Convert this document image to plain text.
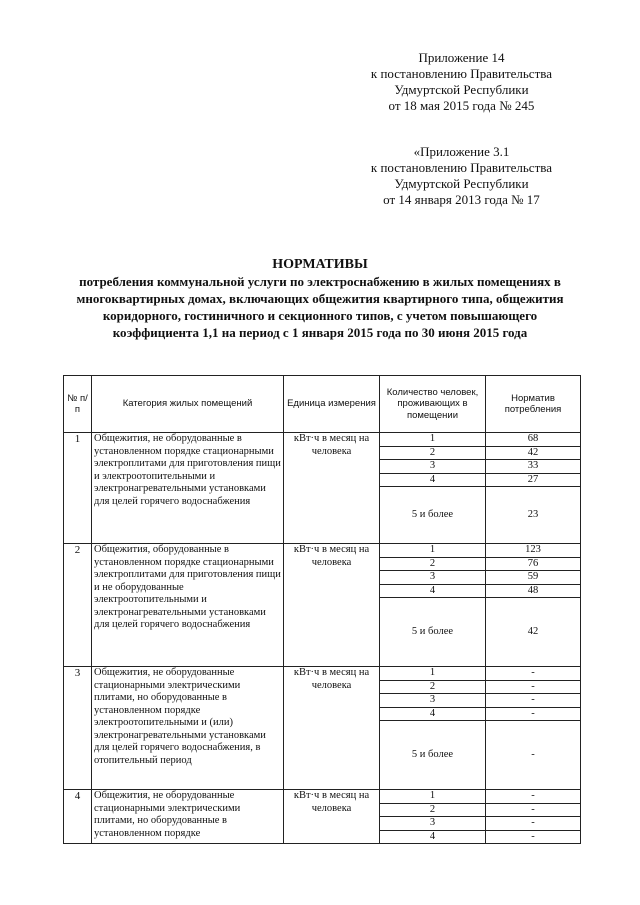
Приложение 14
к постановлению Правительства
Удмуртской Республики
от 18 мая 2015 года № 245
«Приложение 3.1
к постановлению Правительства
Удмуртской Республики
от 14 января 2013 года № 17
НОРМАТИВЫ
потребления коммунальной услуги по электроснабжению в жилых помещениях в многоквартирных домах, включающих общежития квартирного типа, общежития коридорного, гостиничного и секционного типов, с учетом повышающего коэффициента 1,1 на период с 1 января 2015 года по 30 июня 2015 года
№ п/п	Категория жилых помещений	Единица измерения	Количество человек, проживающих в помещении	Норматив потребления
1	Общежития, не оборудованные в установленном порядке стационарными электроплитами для приготовления пищи и электроотопительными и электронагревательными установками для целей горячего водоснабжения	кВт·ч в месяц на человека	1	68
			2	42
			3	33
			4	27
			5 и более	23
2	Общежития, оборудованные в установленном порядке стационарными электроплитами для приготовления пищи и не оборудованные электроотопительными и электронагревательными установками для целей горячего водоснабжения	кВт·ч в месяц на человека	1	123
			2	76
			3	59
			4	48
			5 и более	42
3	Общежития, не оборудованные стационарными электрическими плитами, но оборудованные в установленном порядке электроотопительными и (или) электронагревательными установками для целей горячего водоснабжения, в отопительный период	кВт·ч в месяц на человека	1	-
			2	-
			3	-
			4	-
			5 и более	-
4	Общежития, не оборудованные стационарными электрическими плитами, но оборудованные в установленном порядке	кВт·ч в месяц на человека	1	-
			2	-
			3	-
			4	-
